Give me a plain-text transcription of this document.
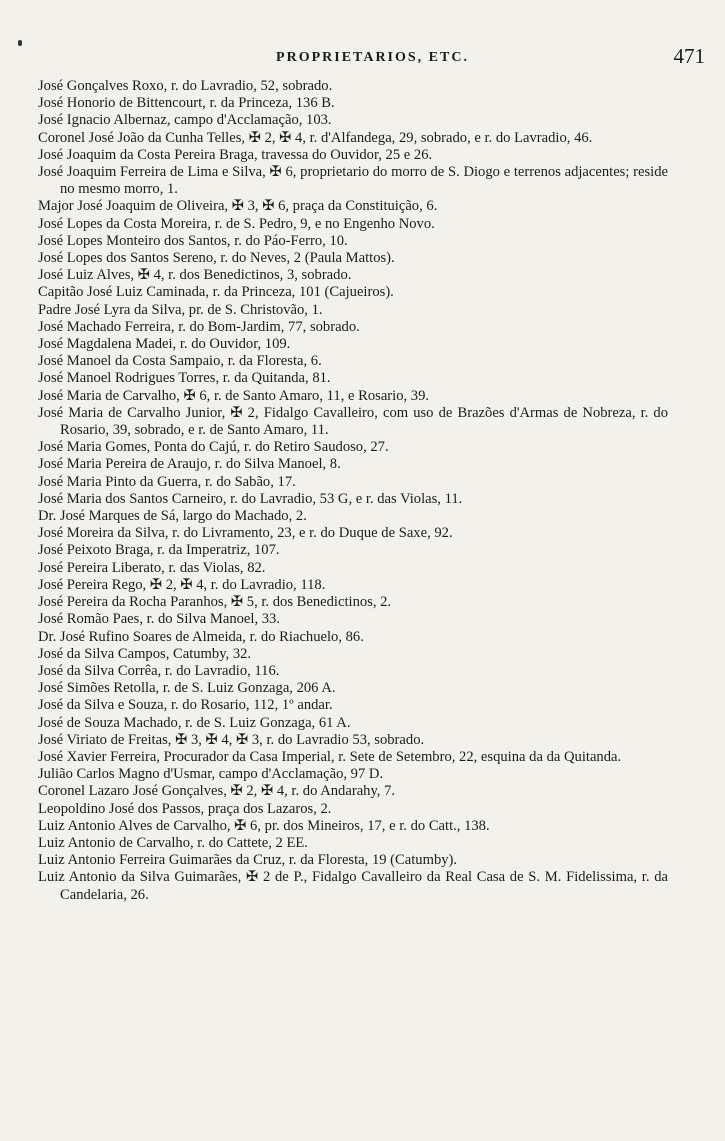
PROPRIETARIOS, ETC.	471

José Gonçalves Roxo, r. do Lavradio, 52, sobrado.

José Honorio de Bittencourt, r. da Princeza, 136 B.

José Ignacio Albernaz, campo d'Acclamação, 103.

Coronel José João da Cunha Telles, ✠ 2, ✠ 4, r. d'Alfandega, 29, sobrado, e r. do Lavradio, 46.

José Joaquim da Costa Pereira Braga, travessa do Ouvidor, 25 e 26.

José Joaquim Ferreira de Lima e Silva, ✠ 6, proprietario do morro de S. Diogo e terrenos adjacentes; reside no mesmo morro, 1.

Major José Joaquim de Oliveira, ✠ 3, ✠ 6, praça da Constituição, 6.

José Lopes da Costa Moreira, r. de S. Pedro, 9, e no Engenho Novo.

José Lopes Monteiro dos Santos, r. do Páo-Ferro, 10.

José Lopes dos Santos Sereno, r. do Neves, 2 (Paula Mattos).

José Luiz Alves, ✠ 4, r. dos Benedictinos, 3, sobrado.

Capitão José Luiz Caminada, r. da Princeza, 101 (Cajueiros).

Padre José Lyra da Silva, pr. de S. Christovão, 1.

José Machado Ferreira, r. do Bom-Jardim, 77, sobrado.

José Magdalena Madei, r. do Ouvidor, 109.

José Manoel da Costa Sampaio, r. da Floresta, 6.

José Manoel Rodrigues Torres, r. da Quitanda, 81.

José Maria de Carvalho, ✠ 6, r. de Santo Amaro, 11, e Rosario, 39.

José Maria de Carvalho Junior, ✠ 2, Fidalgo Cavalleiro, com uso de Brazões d'Armas de Nobreza, r. do Rosario, 39, sobrado, e r. de Santo Amaro, 11.

José Maria Gomes, Ponta do Cajú, r. do Retiro Saudoso, 27.

José Maria Pereira de Araujo, r. do Silva Manoel, 8.

José Maria Pinto da Guerra, r. do Sabão, 17.

José Maria dos Santos Carneiro, r. do Lavradio, 53 G, e r. das Violas, 11.

Dr. José Marques de Sá, largo do Machado, 2.

José Moreira da Silva, r. do Livramento, 23, e r. do Duque de Saxe, 92.

José Peixoto Braga, r. da Imperatriz, 107.

José Pereira Liberato, r. das Violas, 82.

José Pereira Rego, ✠ 2, ✠ 4, r. do Lavradio, 118.

José Pereira da Rocha Paranhos, ✠ 5, r. dos Benedictinos, 2.

José Romão Paes, r. do Silva Manoel, 33.

Dr. José Rufino Soares de Almeida, r. do Riachuelo, 86.

José da Silva Campos, Catumby, 32.

José da Silva Corrêa, r. do Lavradio, 116.

José Simões Retolla, r. de S. Luiz Gonzaga, 206 A.

José da Silva e Souza, r. do Rosario, 112, 1º andar.

José de Souza Machado, r. de S. Luiz Gonzaga, 61 A.

José Viriato de Freitas, ✠ 3, ✠ 4, ✠ 3, r. do Lavradio 53, sobrado.

José Xavier Ferreira, Procurador da Casa Imperial, r. Sete de Setembro, 22, esquina da da Quitanda.

Julião Carlos Magno d'Usmar, campo d'Acclamação, 97 D.

Coronel Lazaro José Gonçalves, ✠ 2, ✠ 4, r. do Andarahy, 7.

Leopoldino José dos Passos, praça dos Lazaros, 2.

Luiz Antonio Alves de Carvalho, ✠ 6, pr. dos Mineiros, 17, e r. do Catt., 138.

Luiz Antonio de Carvalho, r. do Cattete, 2 EE.

Luiz Antonio Ferreira Guimarães da Cruz, r. da Floresta, 19 (Catumby).

Luiz Antonio da Silva Guimarães, ✠ 2 de P., Fidalgo Cavalleiro da Real Casa de S. M. Fidelissima, r. da Candelaria, 26.
